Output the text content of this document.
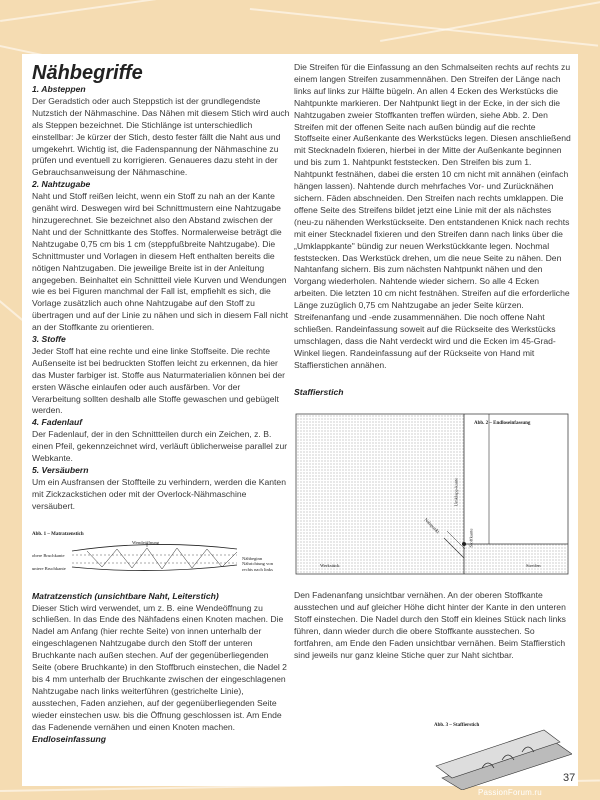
Nähbegriffe
1. Absteppen

Der Geradstich oder auch Steppstich ist der grundlegendste Nutzstich der Nähmaschine. Das Nähen mit diesem Stich wird auch als Steppen bezeichnet. Die Stichlänge ist unterschiedlich einstellbar: Je kürzer der Stich, desto fester fällt die Naht aus und umgekehrt. Wichtig ist, die Fadenspannung der Nähmaschine zu prüfen und eventuell zu korrigieren. Genaueres dazu steht in der Gebrauchsanweisung der Nähmaschine.

2. Nahtzugabe

Naht und Stoff reißen leicht, wenn ein Stoff zu nah an der Kante genäht wird. Deswegen wird bei Schnittmustern eine Nahtzugabe hinzugerechnet. Sie bezeichnet also den Abstand zwischen der Naht und der Schnittkante des Stoffes. Normalerweise beträgt die Nahtzugabe 0,75 cm bis 1 cm (steppfußbreite Nahtzugabe). Die Schnittmuster und Vorlagen in diesem Heft enthalten bereits die nötigen Nahtzugaben. Die jeweilige Breite ist in der Anleitung angegeben. Beinhaltet ein Schnittteil viele Kurven und Wendungen wie es bei Figuren manchmal der Fall ist, empfiehlt es sich, die Vorlage zusätzlich auch ohne Nahtzugabe auf den Stoff zu übertragen und auf der Linie zu nähen und sich in diesem Fall nicht an der Stoffkante zu orientieren.

3. Stoffe

Jeder Stoff hat eine rechte und eine linke Stoffseite. Die rechte Außenseite ist bei bedruckten Stoffen leicht zu erkennen, da hier das Muster farbiger ist. Stoffe aus Naturmaterialien können bei der ersten Wäsche einlaufen oder auch ausfärben. Vor der Verarbeitung sollten deshalb alle Stoffe gewaschen und gebügelt werden.

4. Fadenlauf

Der Fadenlauf, der in den Schnittteilen durch ein Zeichen, z. B. einen Pfeil, gekennzeichnet wird, verläuft üblicherweise parallel zur Webkante.

5. Versäubern

Um ein Ausfransen der Stoffteile zu verhindern, werden die Kanten mit Zickzackstichen oder mit der Overlock-Nähmaschine versäubert.

Abb. 1 – Matratzenstich
Wendeöffnung
obere Bruchkante
untere Bruchkante
Nähbeginn
Nährichtung von
rechts nach links
Matratzenstich (unsichtbare Naht, Leiterstich)

Dieser Stich wird verwendet, um z. B. eine Wendeöffnung zu schließen. In das Ende des Nähfadens einen Knoten machen. Die Nadel am Anfang (hier rechte Seite) von innen unterhalb der eingeschlagenen Nahtzugabe durch den Stoff der unteren Bruchkante nach außen stechen. Auf der gegenüberliegenden Seite (obere Bruchkante) in den Stoffbruch einstechen, die Nadel 2 bis 4 mm unterhalb der Bruchkante zwischen der eingeschlagenen Nahtzugabe nach links weiterführen (gestrichelte Linie), ausstechen, Faden anziehen, auf der gegenüberliegenden Seite wieder einstechen usw. bis die Öffnung geschlossen ist. Am Ende das Fadenende vernähen und einen Knoten machen.

Endloseinfassung

Die Streifen für die Einfassung an den Schmalseiten rechts auf rechts zu einem langen Streifen zusammennähen. Den Streifen der Länge nach links auf links zur Hälfte bügeln. An allen 4 Ecken des Werkstücks die Nahtpunkte markieren. Der Nahtpunkt liegt in der Ecke, in der sich die Nahtzugaben zweier Stoffkanten treffen würden, siehe Abb. 2. Den Streifen mit der offenen Seite nach außen bündig auf die rechte Stoffseite einer Außenkante des Werkstücks legen. Diesen anschließend mit Stecknadeln fixieren, hierbei in der Mitte der Außenkante beginnen und bis zum 1. Nahtpunkt feststecken. Den Streifen bis zum 1. Nahtpunkt festnähen, dabei die ersten 10 cm nicht mit annähen (einfach hängen lassen). Nahtende durch mehrfaches Vor- und Zurücknähen sichern. Fäden abschneiden. Den Streifen nach rechts umklappen. Die offene Seite des Streifens bildet jetzt eine Linie mit der als nächstes (neu-zu nähenden Werkstückseite. Den entstandenen Knick nach rechts mit einer Stecknadel fixieren und den Streifen dann nach links über die „Umklappkante" bündig zur neuen Werkstückkante legen. Nochmal feststecken. Das Werkstück drehen, um die neue Seite zu nähen. Den Nahtanfang sichern. Bis zum nächsten Nahtpunkt nähen und den Vorgang wiederholen. Nahtende wieder sichern. So alle 4 Ecken arbeiten. Die letzten 10 cm nicht festnähen. Streifen auf die erforderliche Länge zuzüglich 0,75 cm Nahtzugabe an jeder Seite kürzen. Streifenanfang und -ende zusammennähen. Die noch offene Naht schließen. Randeinfassung soweit auf die Rückseite des Werkstücks umschlagen, dass die Naht verdeckt wird und die Ecken im 45-Grad-Winkel liegen. Randeinfassung auf der Rückseite von Hand mit Staffierstichen annähen.

Staffierstich
Abb. 2 – Endloseinfassung
Werkstück	Streifen
Nahtpunkt
Umklapp-kante
Stoffkante

Den Fadenanfang unsichtbar vernähen. An der oberen Stoffkante ausstechen und auf gleicher Höhe dicht hinter der Kante in den unteren Stoff einstechen. Die Nadel durch den Stoff ein kleines Stück nach links führen, dann wieder durch die obere Stoffkante ausstechen. So fortfahren, am Ende den Faden unsichtbar vernähen. Beim Staffierstich sind jeweils nur ganz kleine Stiche quer zur Naht sichtbar.

Abb. 3 – Staffierstich
37
PassionForum.ru
